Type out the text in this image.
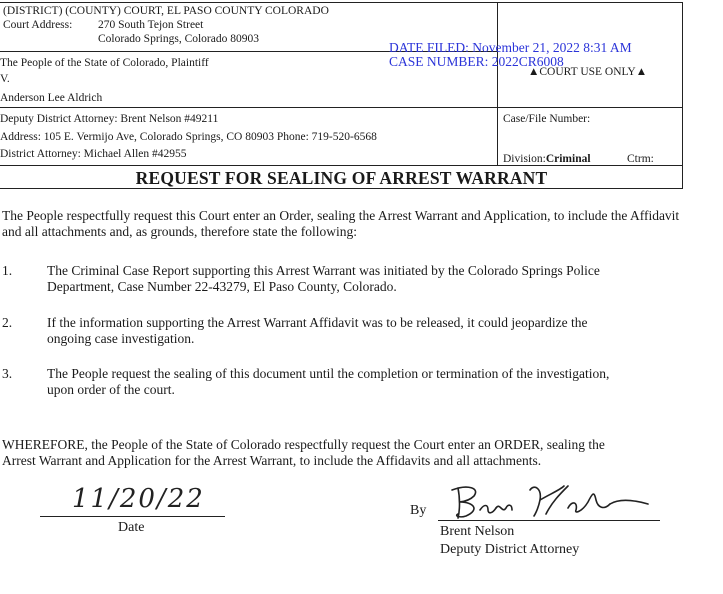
(DISTRICT) (COUNTY) COURT, EL PASO COUNTY COLORADO
Court Address: 270 South Tejon Street
Colorado Springs, Colorado 80903
The People of the State of Colorado, Plaintiff
V.
Anderson Lee Aldrich
Deputy District Attorney: Brent Nelson #49211
Address: 105 E. Vermijo Ave, Colorado Springs, CO 80903 Phone: 719-520-6568
District Attorney: Michael Allen #42955
▲COURT USE ONLY▲
Case/File Number:
Division:Criminal	Ctrm:
DATE FILED: November 21, 2022 8:31 AM
CASE NUMBER: 2022CR6008
REQUEST FOR SEALING OF ARREST WARRANT
The People respectfully request this Court enter an Order, sealing the Arrest Warrant and Application, to include the Affidavit and all attachments and, as grounds, therefore state the following:
1.	The Criminal Case Report supporting this Arrest Warrant was initiated by the Colorado Springs Police
Department, Case Number 22-43279, El Paso County, Colorado.
2.	If the information supporting the Arrest Warrant Affidavit was to be released, it could jeopardize the
ongoing case investigation.
3.	The People request the sealing of this document until the completion or termination of the investigation,
upon order of the court.
WHEREFORE, the People of the State of Colorado respectfully request the Court enter an ORDER, sealing the
Arrest Warrant and Application for the Arrest Warrant, to include the Affidavits and all attachments.
11/20/22
Date
By
Brent Nelson
Deputy District Attorney
